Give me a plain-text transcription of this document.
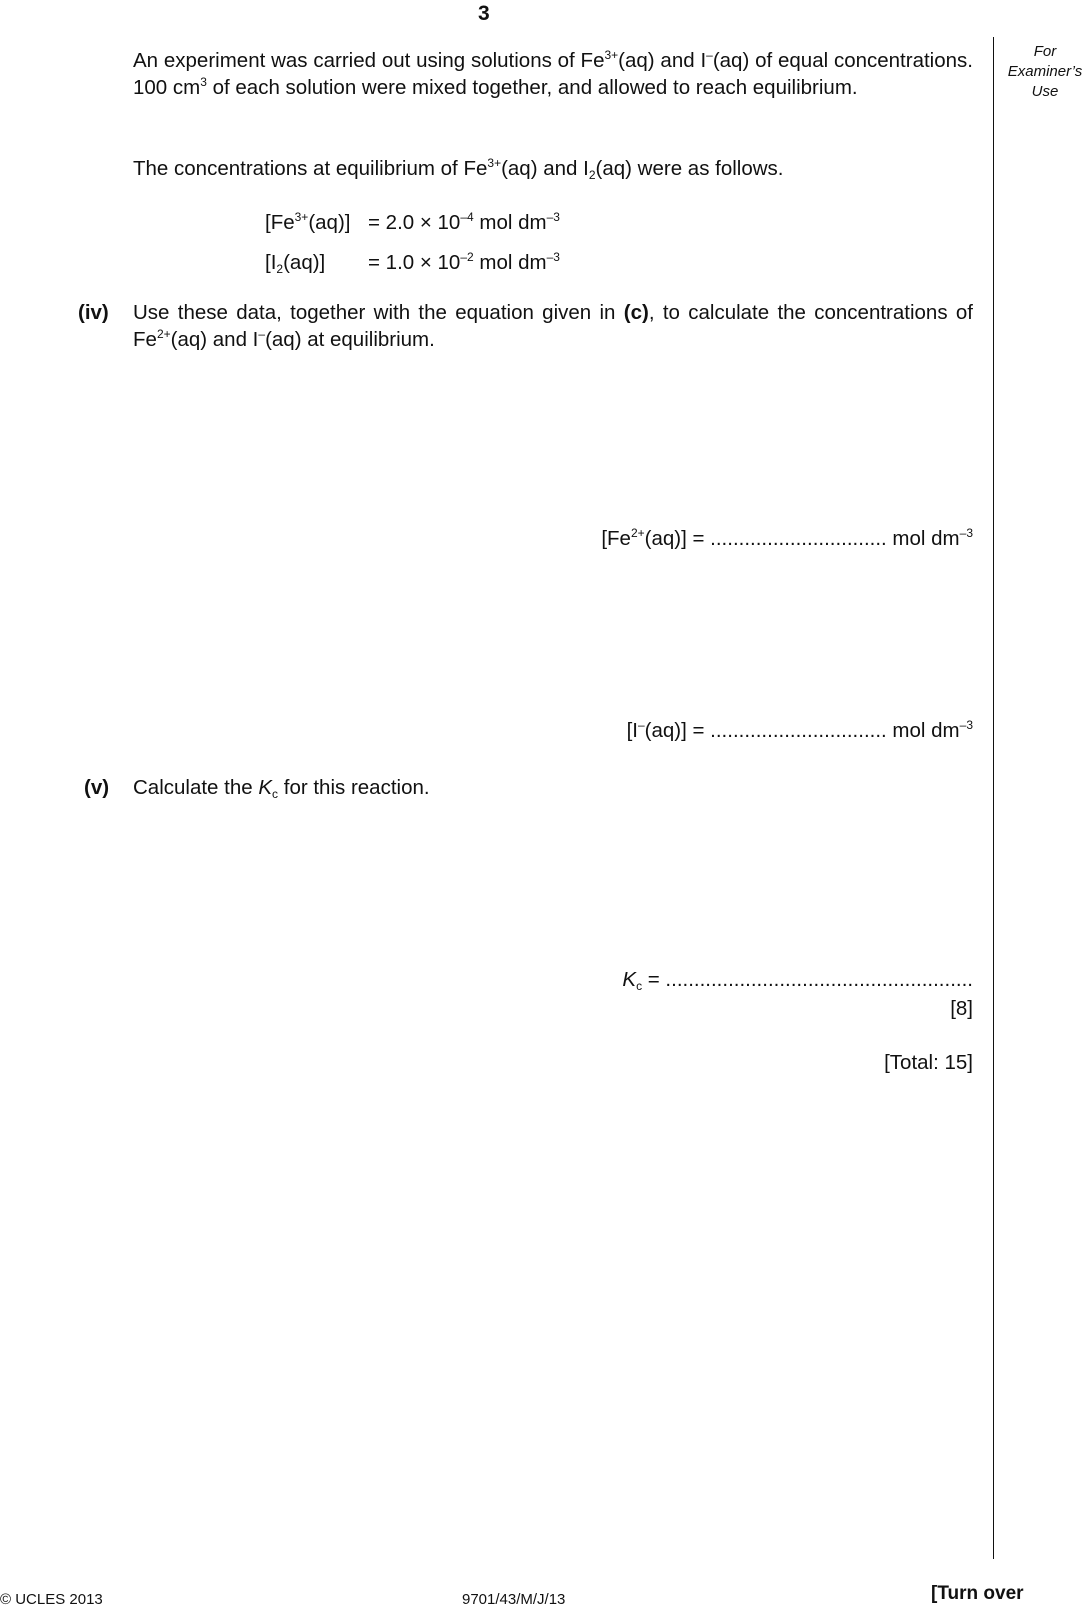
3
For
Examiner’s
Use
An experiment was carried out using solutions of $Fe^{3+}(aq)$ and I–(aq) of equal concentrations. 100 $cm^3$ of each solution were mixed together, and allowed to reach equilibrium.
The concentrations at equilibrium of $Fe^{3+}(aq)$ and $I_2(aq)$ were as follows.
$[Fe^{3+}(aq)] = 2.0 \times 10^{-4}$ mol $dm^{-3}$
$[I_2(aq)] = 1.0 \times 10^{-2}$ mol $dm^{-3}$
(iv) Use these data, together with the equation given in (c), to calculate the concentrations of $Fe^{2+}(aq)$ and I–(aq) at equilibrium.
$[Fe^{2+}(aq)]$ = ............................... mol $dm^{-3}$
[I–(aq)] = ............................... mol $dm^{-3}$
(v) Calculate the $K_c$ for this reaction.
$K_c$ = ......................................................
[8]
[Total: 15]
© UCLES 2013	9701/43/M/J/13	[Turn over
